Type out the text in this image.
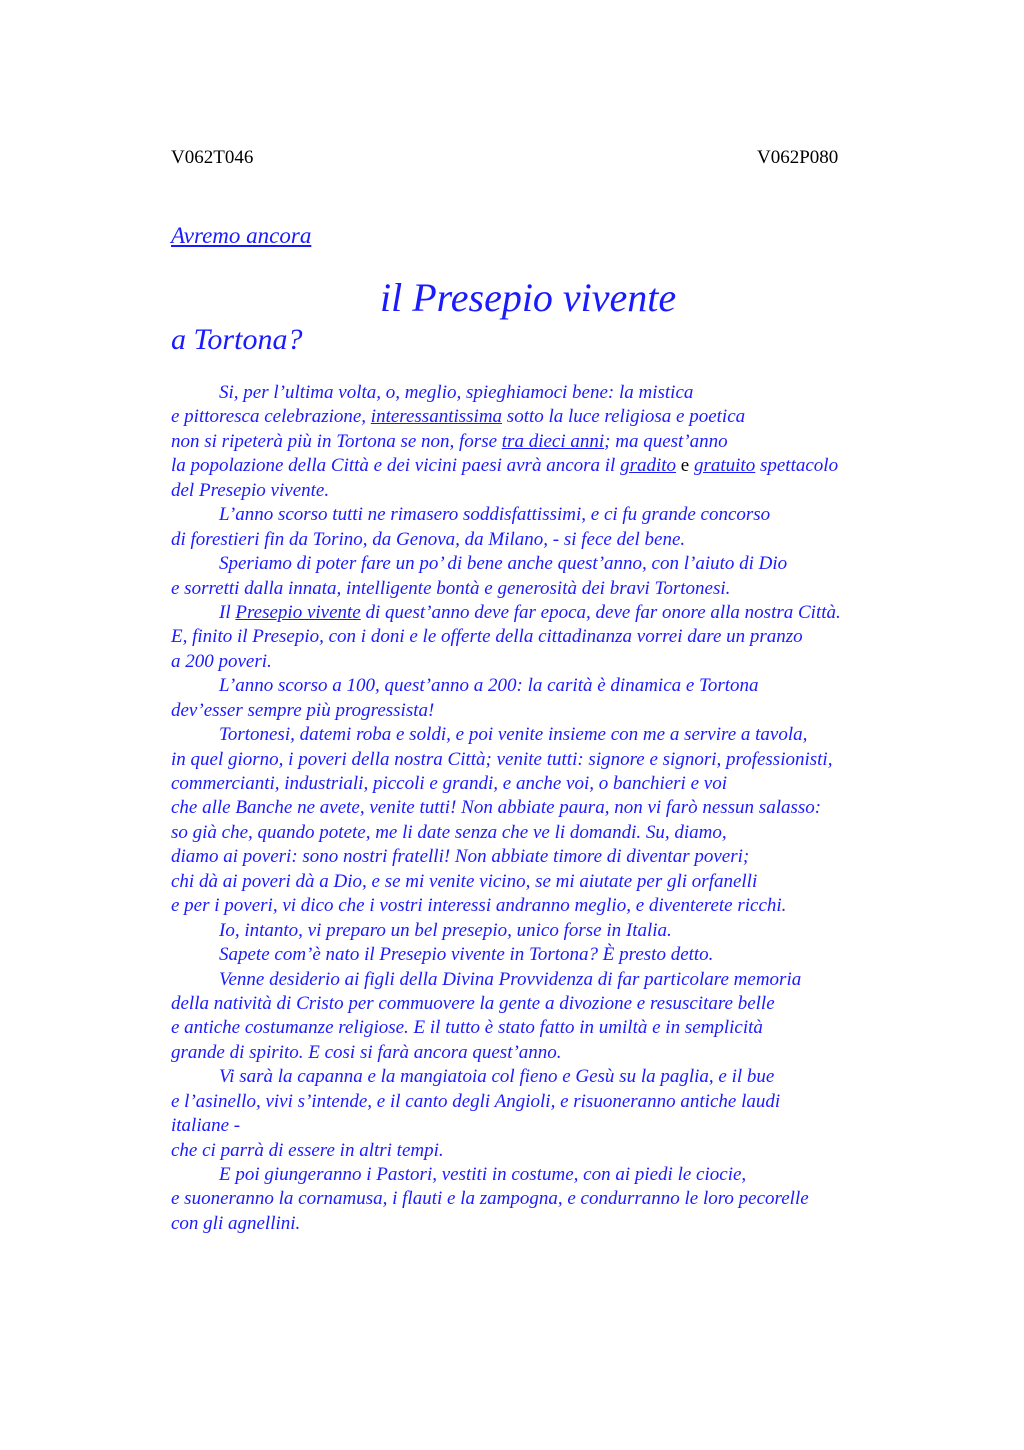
V062T046	V062P080
Avremo ancora
il Presepio vivente
a Tortona?
Si, per l’ultima volta, o, meglio, spieghiamoci bene: la mistica
e pittoresca celebrazione, interessantissima sotto la luce religiosa e poetica
non si ripeterà più in Tortona se non, forse tra dieci anni; ma quest’anno
la popolazione della Città e dei vicini paesi avrà ancora il gradito e gratuito spettacolo
del Presepio vivente.
L’anno scorso tutti ne rimasero soddisfattissimi, e ci fu grande concorso
di forestieri fin da Torino, da Genova, da Milano, - si fece del bene.
Speriamo di poter fare un po’ di bene anche quest’anno, con l’aiuto di Dio
e sorretti dalla innata, intelligente bontà e generosità dei bravi Tortonesi.
Il Presepio vivente di quest’anno deve far epoca, deve far onore alla nostra Città.
E, finito il Presepio, con i doni e le offerte della cittadinanza vorrei dare un pranzo
a 200 poveri.
L’anno scorso a 100, quest’anno a 200: la carità è dinamica e Tortona
dev’esser sempre più progressista!
Tortonesi, datemi roba e soldi, e poi venite insieme con me a servire a tavola,
in quel giorno, i poveri della nostra Città; venite tutti: signore e signori, professionisti,
commercianti, industriali, piccoli e grandi, e anche voi, o banchieri e voi
che alle Banche ne avete, venite tutti! Non abbiate paura, non vi farò nessun salasso:
so già che, quando potete, me li date senza che ve li domandi. Su, diamo,
diamo ai poveri: sono nostri fratelli! Non abbiate timore di diventar poveri;
chi dà ai poveri dà a Dio, e se mi venite vicino, se mi aiutate per gli orfanelli
e per i poveri, vi dico che i vostri interessi andranno meglio, e diventerete ricchi.
Io, intanto, vi preparo un bel presepio, unico forse in Italia.
Sapete com’è nato il Presepio vivente in Tortona? È presto detto.
Venne desiderio ai figli della Divina Provvidenza di far particolare memoria
della natività di Cristo per commuovere la gente a divozione e resuscitare belle
e antiche costumanze religiose. E il tutto è stato fatto in umiltà e in semplicità
grande di spirito. E cosi si farà ancora quest’anno.
Vi sarà la capanna e la mangiatoia col fieno e Gesù su la paglia, e il bue
e l’asinello, vivi s’intende, e il canto degli Angioli, e risuoneranno antiche laudi
italiane -
che ci parrà di essere in altri tempi.
E poi giungeranno i Pastori, vestiti in costume, con ai piedi le ciocie,
e suoneranno la cornamusa, i flauti e la zampogna, e condurranno le loro pecorelle
con gli agnellini.
